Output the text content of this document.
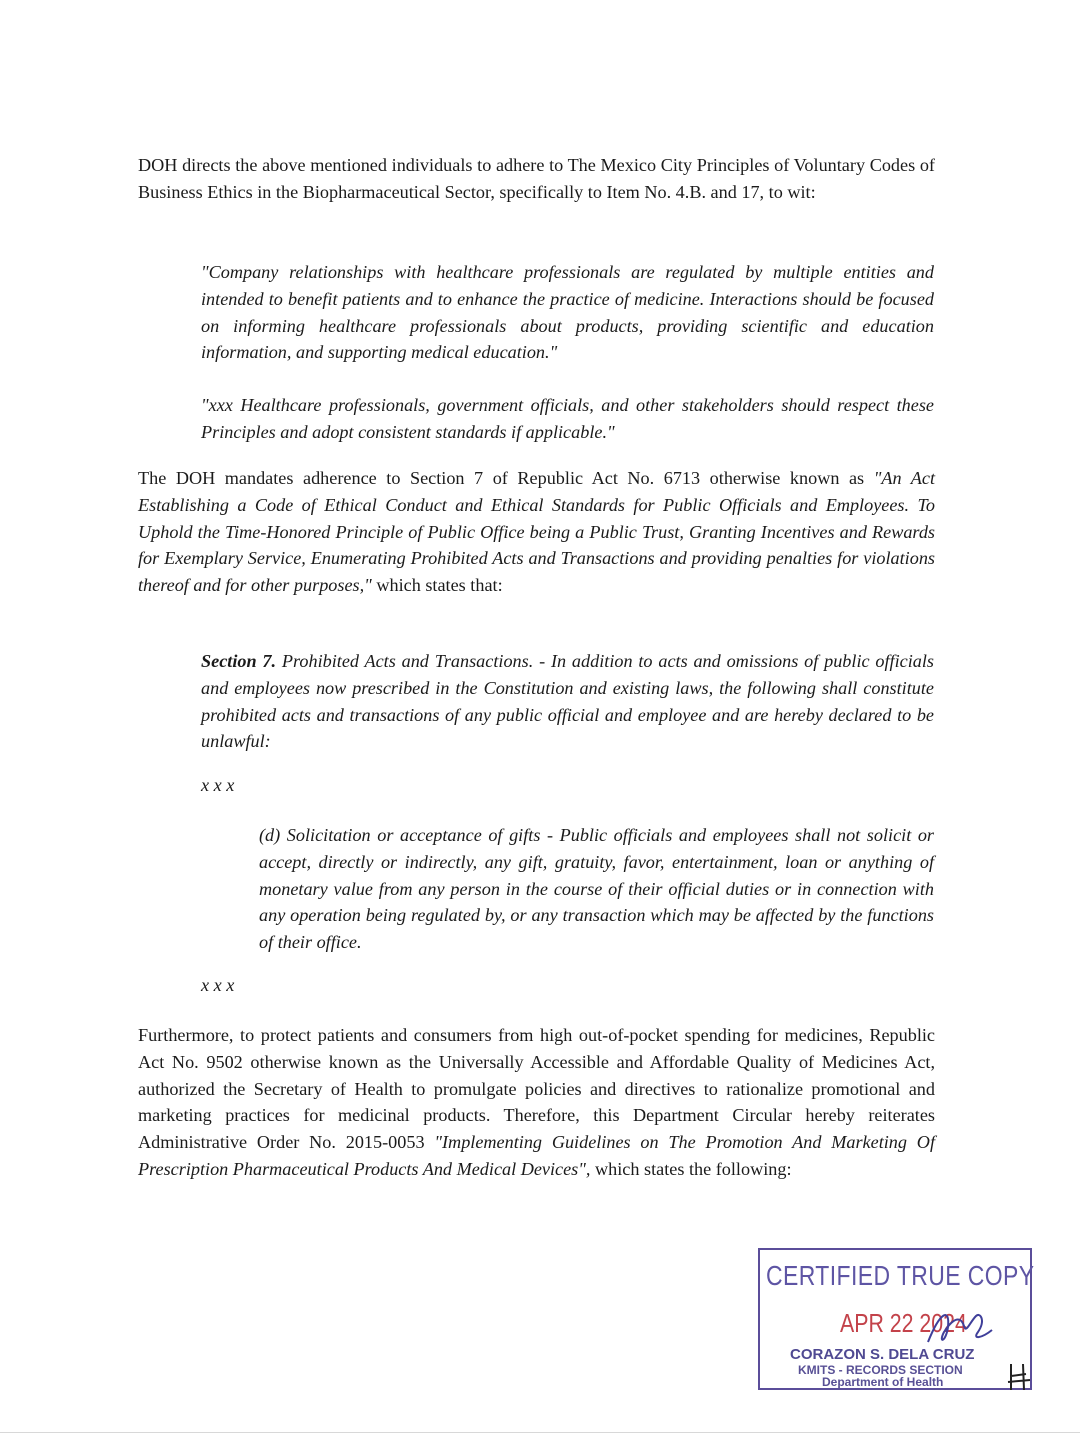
DOH directs the above mentioned individuals to adhere to The Mexico City Principles of Voluntary Codes of Business Ethics in the Biopharmaceutical Sector, specifically to Item No. 4.B. and 17, to wit:

"Company relationships with healthcare professionals are regulated by multiple entities and intended to benefit patients and to enhance the practice of medicine. Interactions should be focused on informing healthcare professionals about products, providing scientific and education information, and supporting medical education."

"xxx Healthcare professionals, government officials, and other stakeholders should respect these Principles and adopt consistent standards if applicable."

The DOH mandates adherence to Section 7 of Republic Act No. 6713 otherwise known as "An Act Establishing a Code of Ethical Conduct and Ethical Standards for Public Officials and Employees. To Uphold the Time-Honored Principle of Public Office being a Public Trust, Granting Incentives and Rewards for Exemplary Service, Enumerating Prohibited Acts and Transactions and providing penalties for violations thereof and for other purposes," which states that:

Section 7. Prohibited Acts and Transactions. - In addition to acts and omissions of public officials and employees now prescribed in the Constitution and existing laws, the following shall constitute prohibited acts and transactions of any public official and employee and are hereby declared to be unlawful:

x x x

(d) Solicitation or acceptance of gifts - Public officials and employees shall not solicit or accept, directly or indirectly, any gift, gratuity, favor, entertainment, loan or anything of monetary value from any person in the course of their official duties or in connection with any operation being regulated by, or any transaction which may be affected by the functions of their office.

x x x

Furthermore, to protect patients and consumers from high out-of-pocket spending for medicines, Republic Act No. 9502 otherwise known as the Universally Accessible and Affordable Quality of Medicines Act, authorized the Secretary of Health to promulgate policies and directives to rationalize promotional and marketing practices for medicinal products. Therefore, this Department Circular hereby reiterates Administrative Order No. 2015-0053 "Implementing Guidelines on The Promotion And Marketing Of Prescription Pharmaceutical Products And Medical Devices", which states the following:

CERTIFIED TRUE COPY
APR 22 2024
CORAZON S. DELA CRUZ
KMITS - RECORDS SECTION
Department of Health
